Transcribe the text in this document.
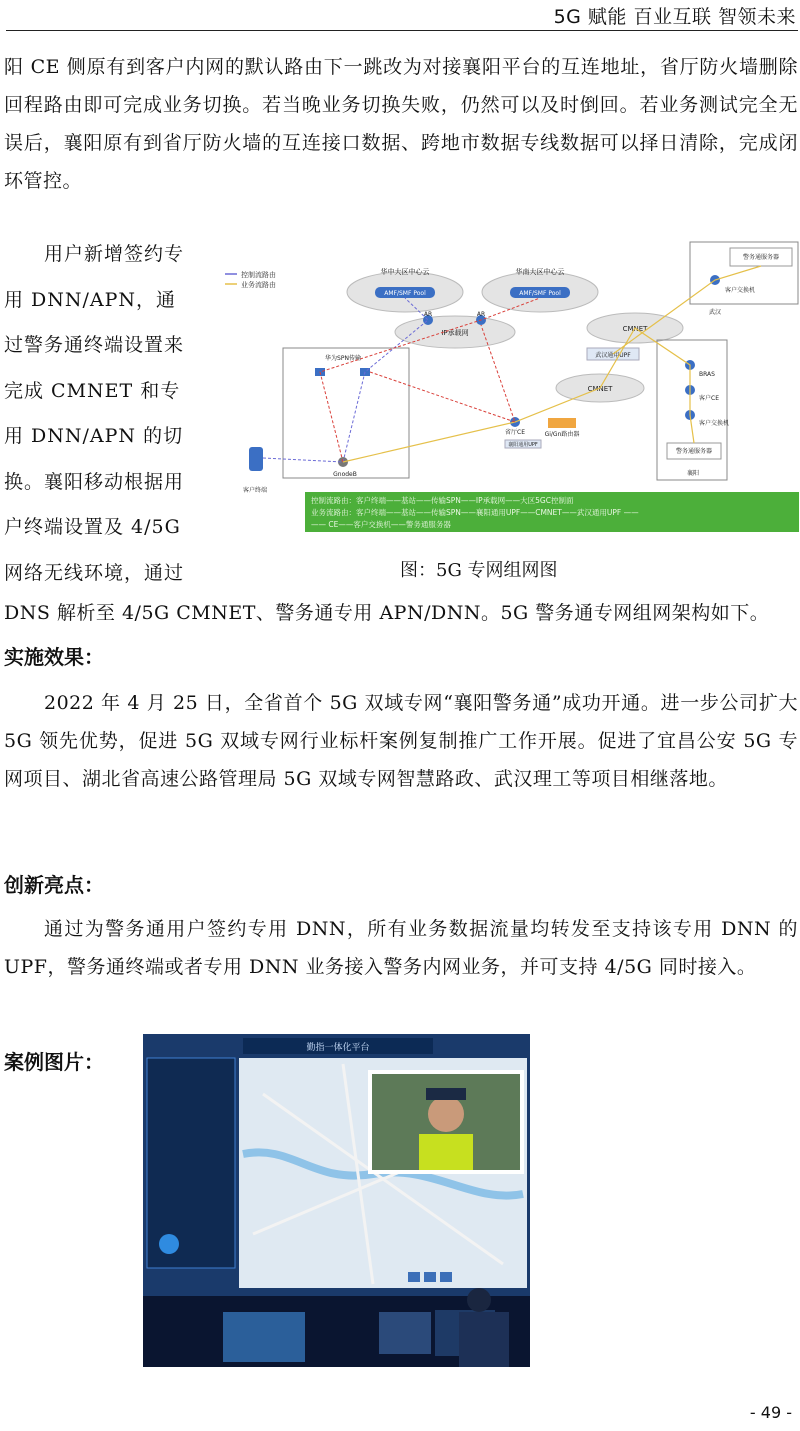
5G 赋能 百业互联 智领未来

阳 CE 侧原有到客户内网的默认路由下一跳改为对接襄阳平台的互连地址，省厅防火墙删除回程路由即可完成业务切换。若当晚业务切换失败，仍然可以及时倒回。若业务测试完全无误后，襄阳原有到省厅防火墙的互连接口数据、跨地市数据专线数据可以择日清除，完成闭环管控。

用户新增签约专用 DNN/APN，通过警务通终端设置来完成 CMNET 和专用 DNN/APN 的切换。襄阳移动根据用户终端设置及 4/5G 网络无线环境，通过
控制流路由
业务流路由
华中大区中心云
AMF/SMF Pool
华南大区中心云
AMF/SMF Pool
IP承载网
AR	AR
CMNET
武汉通用UPF
CMNET
警务通服务器
客户交换机
武汉
BRAS
客户CE
客户交换机
警务通服务器
襄阳
华为SPN传输
GnodeB
客户终端
省厅CE
襄阳通用UPF
Gi/Gn路由器
控制流路由：客户终端——基站——传输SPN——IP承载网——大区5GC控制面
业务流路由：客户终端——基站——传输SPN——襄阳通用UPF——CMNET——武汉通用UPF ——
—— CE——客户交换机——警务通服务器
图：5G 专网组网图

DNS 解析至 4/5G CMNET、警务通专用 APN/DNN。5G 警务通专网组网架构如下。

实施效果：

2022 年 4 月 25 日，全省首个 5G 双域专网“襄阳警务通”成功开通。进一步公司扩大 5G 领先优势，促进 5G 双域专网行业标杆案例复制推广工作开展。促进了宜昌公安 5G 专网项目、湖北省高速公路管理局 5G 双域专网智慧路政、武汉理工等项目相继落地。

创新亮点：

通过为警务通用户签约专用 DNN，所有业务数据流量均转发至支持该专用 DNN 的 UPF，警务通终端或者专用 DNN 业务接入警务内网业务，并可支持 4/5G 同时接入。

案例图片：
勤指一体化平台
- 49 -
